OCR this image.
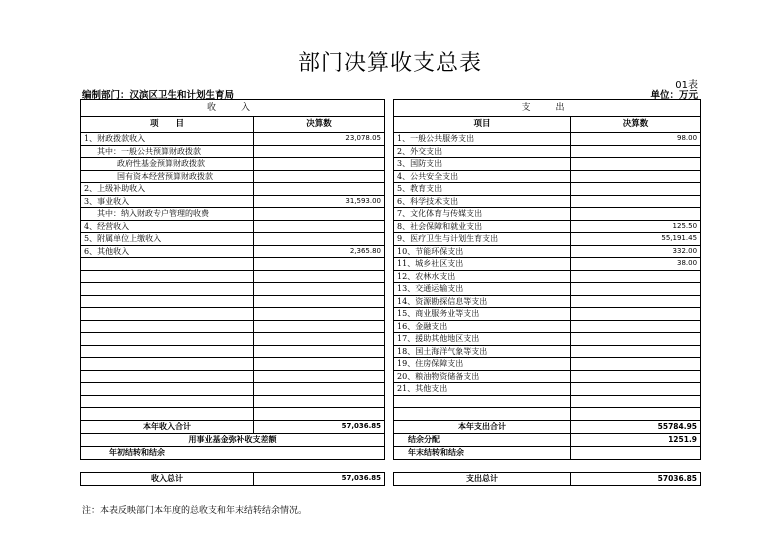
部门决算收支总表
01表
编制部门：汉滨区卫生和计划生育局	单位：万元
收　入			支　出	
项　　目	决算数		项目	决算数
1、财政拨款收入	23,078.05		1、一般公共服务支出	98.00
其中：一般公共预算财政拨款			2、外交支出	
政府性基金预算财政拨款			3、国防支出	
国有资本经营预算财政拨款			4、公共安全支出	
2、上级补助收入			5、教育支出	
3、事业收入	31,593.00		6、科学技术支出	
其中：纳入财政专户管理的收费			7、文化体育与传媒支出	
4、经营收入			8、社会保障和就业支出	125.50
5、附属单位上缴收入			9、医疗卫生与计划生育支出	55,191.45
6、其他收入	2,365.80		10、节能环保支出	332.00
			11、城乡社区支出	38.00
			12、农林水支出	
			13、交通运输支出	
			14、资源勘探信息等支出	
			15、商业服务业等支出	
			16、金融支出	
			17、援助其他地区支出	
			18、国土海洋气象等支出	
			19、住房保障支出	
			20、粮油物资储备支出	
			21、其他支出	

本年收入合计	57,036.85		本年支出合计	55784.95
用事业基金弥补收支差额			结余分配	1251.9
年初结转和结余			年末结转和结余	

收入总计	57,036.85		支出总计	57036.85
注：本表反映部门本年度的总收支和年末结转结余情况。
